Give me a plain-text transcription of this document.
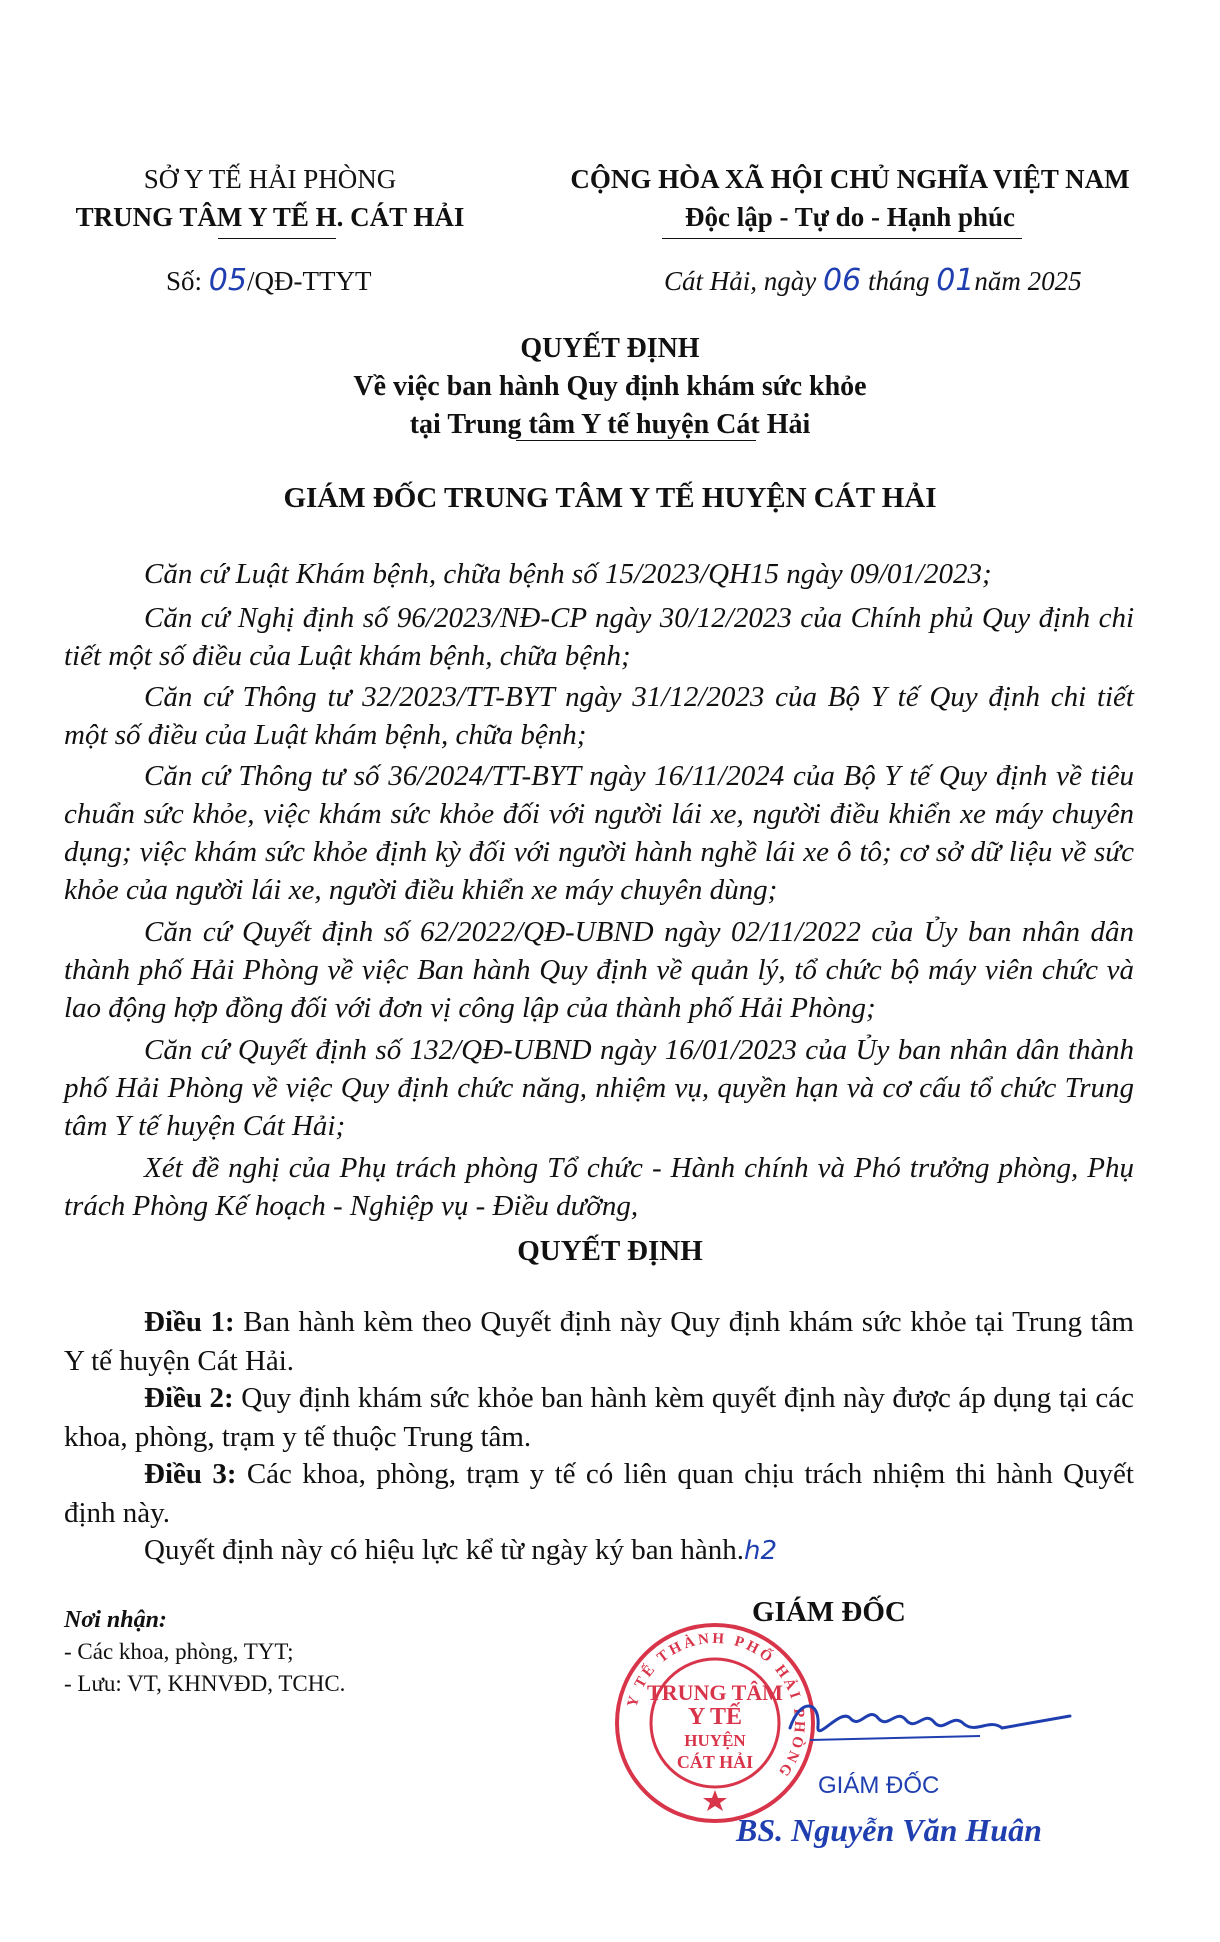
SỞ Y TẾ HẢI PHÒNG
TRUNG TÂM Y TẾ H. CÁT HẢI
CỘNG HÒA XÃ HỘI CHỦ NGHĨA VIỆT NAM
Độc lập - Tự do - Hạnh phúc
Số: 05/QĐ-TTYT	Cát Hải, ngày 06 tháng 01năm 2025
QUYẾT ĐỊNH
Về việc ban hành Quy định khám sức khỏe
tại Trung tâm Y tế huyện Cát Hải
GIÁM ĐỐC TRUNG TÂM Y TẾ HUYỆN CÁT HẢI
Căn cứ Luật Khám bệnh, chữa bệnh số 15/2023/QH15 ngày 09/01/2023;
Căn cứ Nghị định số 96/2023/NĐ-CP ngày 30/12/2023 của Chính phủ Quy định chi tiết một số điều của Luật khám bệnh, chữa bệnh;
Căn cứ Thông tư 32/2023/TT-BYT ngày 31/12/2023 của Bộ Y tế Quy định chi tiết một số điều của Luật khám bệnh, chữa bệnh;
Căn cứ Thông tư số 36/2024/TT-BYT ngày 16/11/2024 của Bộ Y tế Quy định về tiêu chuẩn sức khỏe, việc khám sức khỏe đối với người lái xe, người điều khiển xe máy chuyên dụng; việc khám sức khỏe định kỳ đối với người hành nghề lái xe ô tô; cơ sở dữ liệu về sức khỏe của người lái xe, người điều khiển xe máy chuyên dùng;
Căn cứ Quyết định số 62/2022/QĐ-UBND ngày 02/11/2022 của Ủy ban nhân dân thành phố Hải Phòng về việc Ban hành Quy định về quản lý, tổ chức bộ máy viên chức và lao động hợp đồng đối với đơn vị công lập của thành phố Hải Phòng;
Căn cứ Quyết định số 132/QĐ-UBND ngày 16/01/2023 của Ủy ban nhân dân thành phố Hải Phòng về việc Quy định chức năng, nhiệm vụ, quyền hạn và cơ cấu tổ chức Trung tâm Y tế huyện Cát Hải;
Xét đề nghị của Phụ trách phòng Tổ chức - Hành chính và Phó trưởng phòng, Phụ trách Phòng Kế hoạch - Nghiệp vụ - Điều dưỡng,
QUYẾT ĐỊNH
Điều 1: Ban hành kèm theo Quyết định này Quy định khám sức khỏe tại Trung tâm Y tế huyện Cát Hải.
Điều 2: Quy định khám sức khỏe ban hành kèm quyết định này được áp dụng tại các khoa, phòng, trạm y tế thuộc Trung tâm.
Điều 3: Các khoa, phòng, trạm y tế có liên quan chịu trách nhiệm thi hành Quyết định này.
Quyết định này có hiệu lực kể từ ngày ký ban hành.h2
Nơi nhận:
- Các khoa, phòng, TYT;
- Lưu: VT, KHNVĐD, TCHC.
GIÁM ĐỐC
Y TẾ THÀNH PHỐ HẢI PHÒNG
TRUNG TÂM
Y TẾ
HUYỆN
CÁT HẢI
GIÁM ĐỐC
BS. Nguyễn Văn Huân
